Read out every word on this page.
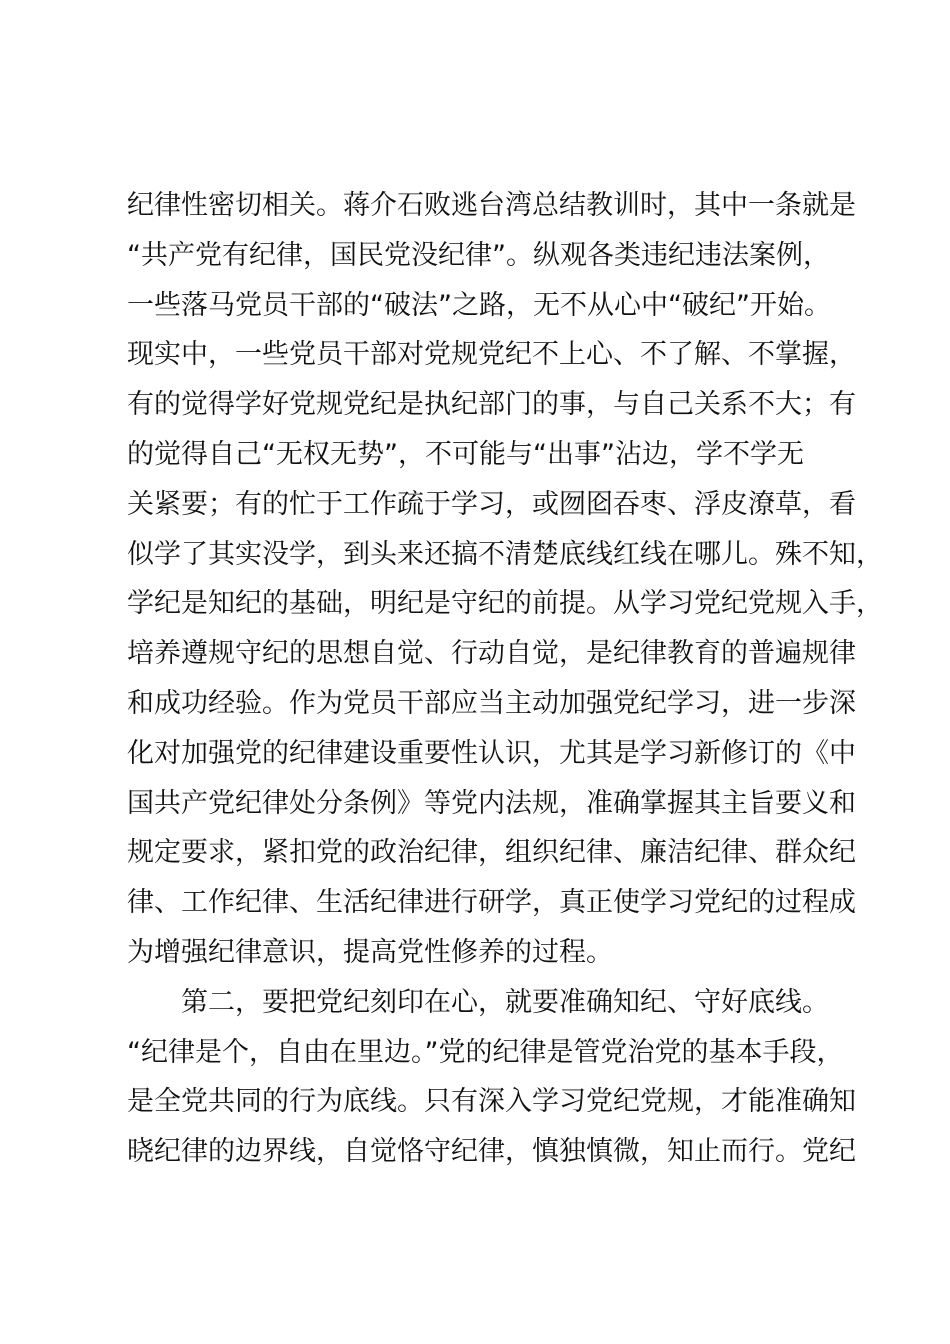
纪律性密切相关。蒋介石败逃台湾总结教训时，其中一条就是
“共产党有纪律，国民党没纪律”。纵观各类违纪违法案例，
一些落马党员干部的“破法”之路，无不从心中“破纪”开始。
现实中，一些党员干部对党规党纪不上心、不了解、不掌握，
有的觉得学好党规党纪是执纪部门的事，与自己关系不大；有
的觉得自己“无权无势”，不可能与“出事”沾边，学不学无
关紧要；有的忙于工作疏于学习，或囫囵吞枣、浮皮潦草，看
似学了其实没学，到头来还搞不清楚底线红线在哪儿。殊不知，
学纪是知纪的基础，明纪是守纪的前提。从学习党纪党规入手，
培养遵规守纪的思想自觉、行动自觉，是纪律教育的普遍规律
和成功经验。作为党员干部应当主动加强党纪学习，进一步深
化对加强党的纪律建设重要性认识，尤其是学习新修订的《中
国共产党纪律处分条例》等党内法规，准确掌握其主旨要义和
规定要求，紧扣党的政治纪律，组织纪律、廉洁纪律、群众纪
律、工作纪律、生活纪律进行研学，真正使学习党纪的过程成
为增强纪律意识，提高党性修养的过程。
　　第二，要把党纪刻印在心，就要准确知纪、守好底线。
“纪律是个，自由在里边。”党的纪律是管党治党的基本手段，
是全党共同的行为底线。只有深入学习党纪党规，才能准确知
晓纪律的边界线，自觉恪守纪律，慎独慎微，知止而行。党纪
